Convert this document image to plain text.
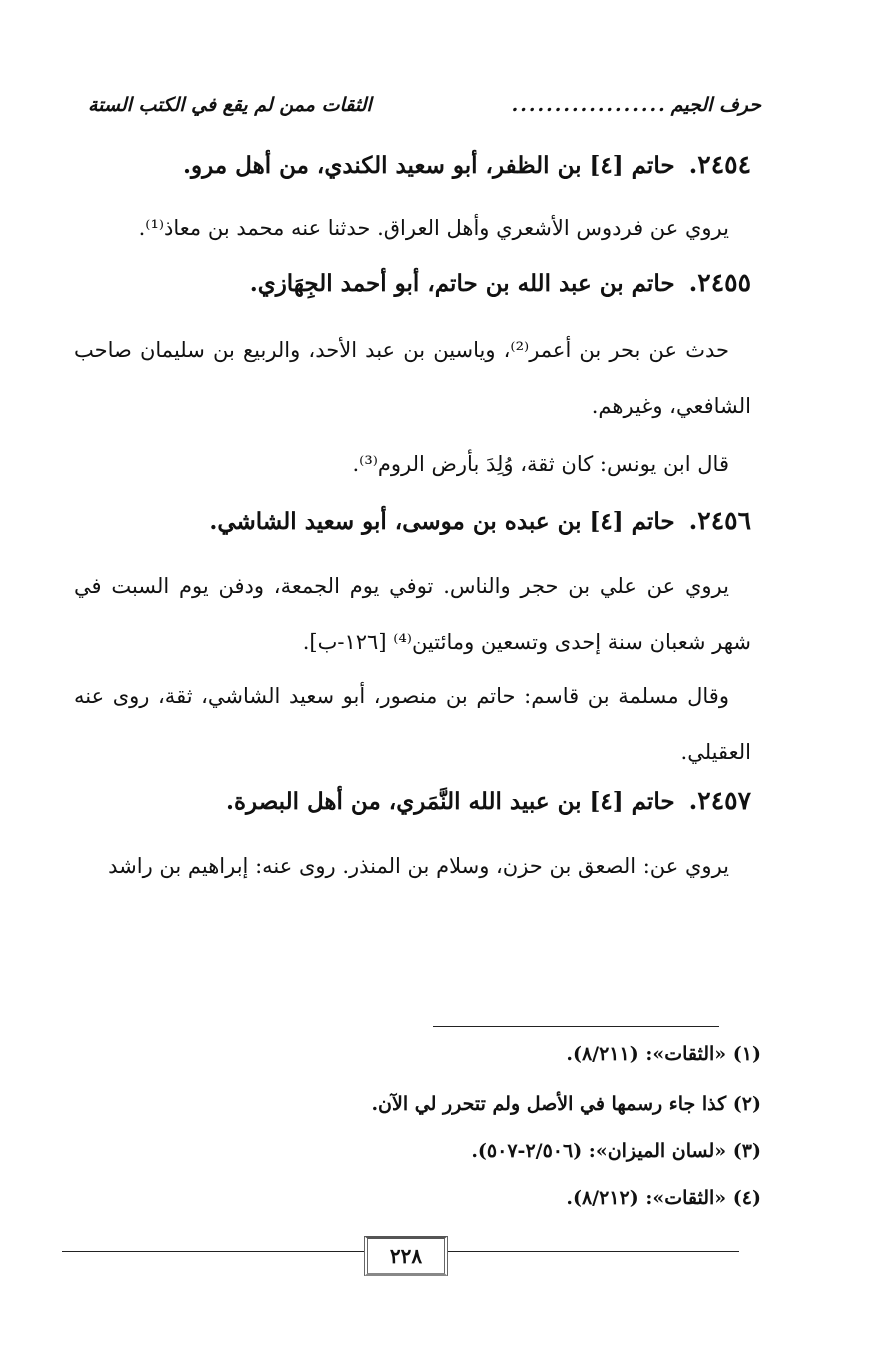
حرف الجيم
..................
الثقات ممن لم يقع في الكتب الستة
٢٤٥٤.حاتم [٤] بن الظفر، أبو سعيد الكندي، من أهل مرو.
يروي عن فردوس الأشعري وأهل العراق. حدثنا عنه محمد بن معاذ⁽¹⁾.
٢٤٥٥.حاتم بن عبد الله بن حاتم، أبو أحمد الجِهَازي.
حدث عن بحر بن أعمر⁽²⁾، وياسين بن عبد الأحد، والربيع بن سليمان صاحب الشافعي، وغيرهم.
قال ابن يونس: كان ثقة، وُلِدَ بأرض الروم⁽³⁾.
٢٤٥٦.حاتم [٤] بن عبده بن موسى، أبو سعيد الشاشي.
يروي عن علي بن حجر والناس. توفي يوم الجمعة، ودفن يوم السبت في شهر شعبان سنة إحدى وتسعين ومائتين⁽⁴⁾ [١٢٦-ب].
وقال مسلمة بن قاسم: حاتم بن منصور، أبو سعيد الشاشي، ثقة، روى عنه العقيلي.
٢٤٥٧.حاتم [٤] بن عبيد الله النَّمَري، من أهل البصرة.
يروي عن: الصعق بن حزن، وسلام بن المنذر. روى عنه: إبراهيم بن راشد
(١) «الثقات»: (٨/٢١١).
(٢) كذا جاء رسمها في الأصل ولم تتحرر لي الآن.
(٣) «لسان الميزان»: (٢/٥٠٦-٥٠٧).
(٤) «الثقات»: (٨/٢١٢).
٢٢٨
